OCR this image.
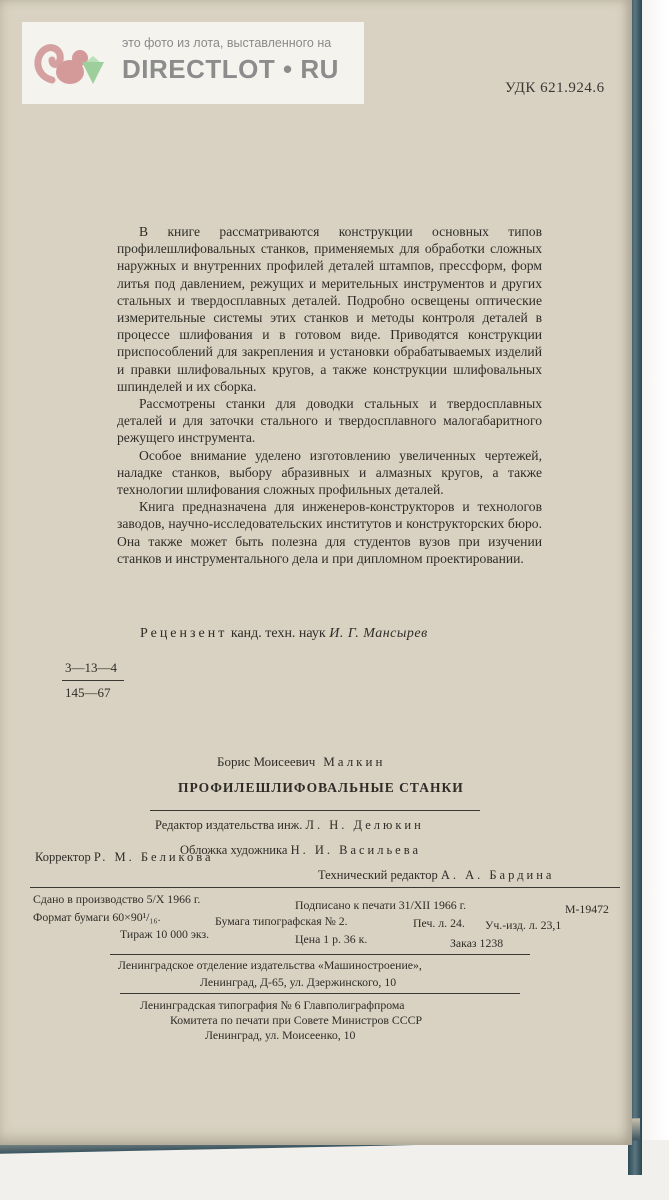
это фото из лота, выставленного на
DIRECTLOT • RU
УДК 621.924.6

В книге рассматриваются конструкции основных типов профилешлифовальных станков, применяемых для обработки сложных наружных и внутренних профилей деталей штампов, прессформ, форм литья под давлением, режущих и мерительных инструментов и других стальных и твердосплавных деталей. Подробно освещены оптические измерительные системы этих станков и методы контроля деталей в процессе шлифования и в готовом виде. Приводятся конструкции приспособлений для закрепления и установки обрабатываемых изделий и правки шлифовальных кругов, а также конструкции шлифовальных шпинделей и их сборка.

Рассмотрены станки для доводки стальных и твердосплавных деталей и для заточки стального и твердосплавного малогабаритного режущего инструмента.

Особое внимание уделено изготовлению увеличенных чертежей, наладке станков, выбору абразивных и алмазных кругов, а также технологии шлифования сложных профильных деталей.

Книга предназначена для инженеров-конструкторов и технологов заводов, научно-исследовательских институтов и конструкторских бюро. Она также может быть полезна для студентов вузов при изучении станков и инструментального дела и при дипломном проектировании.

Рецензент канд. техн. наук И. Г. Мансырев
3—13—4
145—67
Борис Моисеевич Малкин
ПРОФИЛЕШЛИФОВАЛЬНЫЕ СТАНКИ
Редактор издательства инж. Л. Н. Делюкин
Обложка художника Н. И. Васильева
Корректор Р. М. Беликова
Технический редактор А. А. Бардина
Сдано в производство 5/X 1966 г.	Подписано к печати 31/XII 1966 г.	М-19472
Формат бумаги 60×90¹/₁₆.	Бумага типографская № 2.	Печ. л. 24. Уч.-изд. л. 23,1
Тираж 10 000 экз.	Цена 1 р. 36 к.	Заказ 1238
Ленинградское отделение издательства «Машиностроение»,
Ленинград, Д-65, ул. Дзержинского, 10
Ленинградская типография № 6 Главполиграфпрома
Комитета по печати при Совете Министров СССР
Ленинград, ул. Моисеенко, 10
